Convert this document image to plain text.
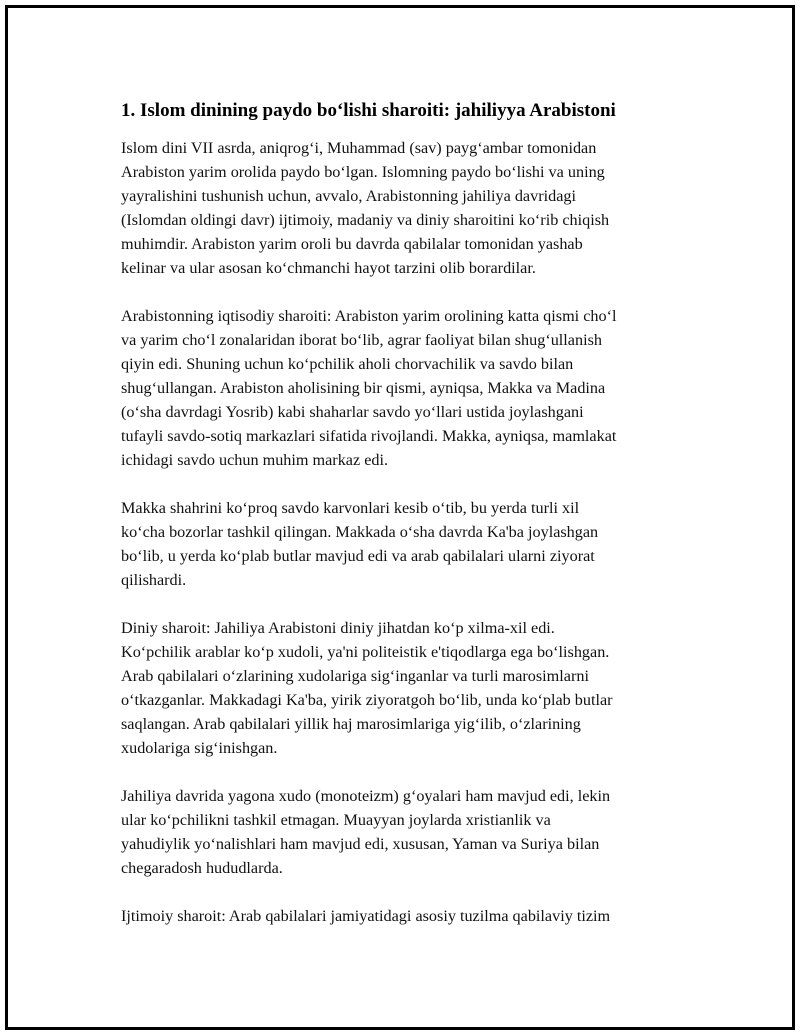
1. Islom dinining paydo boʻlishi sharoiti: jahiliyya Arabistoni

Islom dini VII asrda, aniqrogʻi, Muhammad (sav) paygʻambar tomonidan
Arabiston yarim orolida paydo boʻlgan. Islomning paydo boʻlishi va uning
yayralishini tushunish uchun, avvalo, Arabistonning jahiliya davridagi
(Islomdan oldingi davr) ijtimoiy, madaniy va diniy sharoitini koʻrib chiqish
muhimdir. Arabiston yarim oroli bu davrda qabilalar tomonidan yashab
kelinar va ular asosan koʻchmanchi hayot tarzini olib borardilar.

Arabistonning iqtisodiy sharoiti: Arabiston yarim orolining katta qismi choʻl
va yarim choʻl zonalaridan iborat boʻlib, agrar faoliyat bilan shugʻullanish
qiyin edi. Shuning uchun koʻpchilik aholi chorvachilik va savdo bilan
shugʻullangan. Arabiston aholisining bir qismi, ayniqsa, Makka va Madina
(oʻsha davrdagi Yosrib) kabi shaharlar savdo yoʻllari ustida joylashgani
tufayli savdo-sotiq markazlari sifatida rivojlandi. Makka, ayniqsa, mamlakat
ichidagi savdo uchun muhim markaz edi.

Makka shahrini koʻproq savdo karvonlari kesib oʻtib, bu yerda turli xil
koʻcha bozorlar tashkil qilingan. Makkada oʻsha davrda Ka'ba joylashgan
boʻlib, u yerda koʻplab butlar mavjud edi va arab qabilalari ularni ziyorat
qilishardi.

Diniy sharoit: Jahiliya Arabistoni diniy jihatdan koʻp xilma-xil edi.
Koʻpchilik arablar koʻp xudoli, ya'ni politeistik e'tiqodlarga ega boʻlishgan.
Arab qabilalari oʻzlarining xudolariga sigʻinganlar va turli marosimlarni
oʻtkazganlar. Makkadagi Ka'ba, yirik ziyoratgoh boʻlib, unda koʻplab butlar
saqlangan. Arab qabilalari yillik haj marosimlariga yigʻilib, oʻzlarining
xudolariga sigʻinishgan.

Jahiliya davrida yagona xudo (monoteizm) gʻoyalari ham mavjud edi, lekin
ular koʻpchilikni tashkil etmagan. Muayyan joylarda xristianlik va
yahudiylik yoʻnalishlari ham mavjud edi, xususan, Yaman va Suriya bilan
chegaradosh hududlarda.

Ijtimoiy sharoit: Arab qabilalari jamiyatidagi asosiy tuzilma qabilaviy tizim
